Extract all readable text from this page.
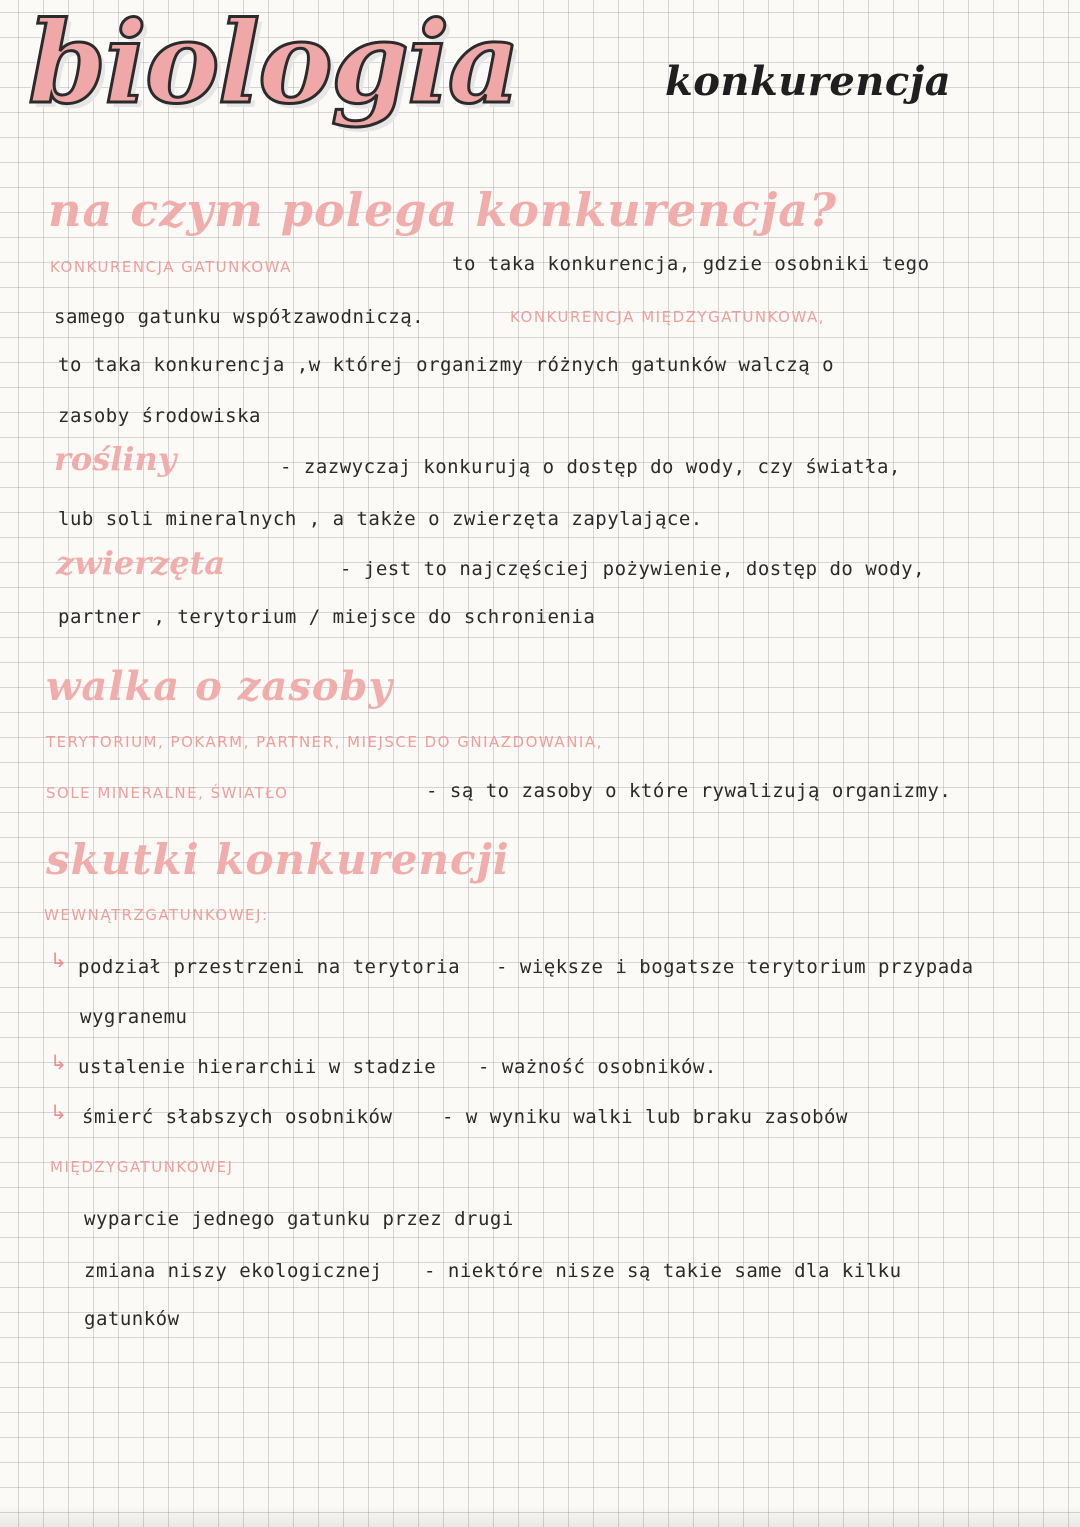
biologia	konkurencja
na czym polega konkurencja?
KONKURENCJA GATUNKOWA	to taka konkurencja, gdzie osobniki tego
samego gatunku współzawodniczą.	KONKURENCJA MIĘDZYGATUNKOWA,
to taka konkurencja ,w której organizmy różnych gatunków walczą o
zasoby środowiska
rośliny	- zazwyczaj konkurują o dostęp do wody, czy światła,
lub soli mineralnych , a także o zwierzęta zapylające.
zwierzęta	- jest to najczęściej pożywienie, dostęp do wody,
partner , terytorium / miejsce do schronienia
walka o zasoby
TERYTORIUM, POKARM, PARTNER, MIEJSCE DO GNIAZDOWANIA,
SOLE MINERALNE, ŚWIATŁO	- są to zasoby o które rywalizują organizmy.
skutki konkurencji
WEWNĄTRZGATUNKOWEJ:
↳ podział przestrzeni na terytoria - większe i bogatsze terytorium przypada
wygranemu
↳ ustalenie hierarchii w stadzie - ważność osobników.
↳ śmierć słabszych osobników	- w wyniku walki lub braku zasobów
MIĘDZYGATUNKOWEJ
wyparcie jednego gatunku przez drugi
zmiana niszy ekologicznej - niektóre nisze są takie same dla kilku
gatunków
